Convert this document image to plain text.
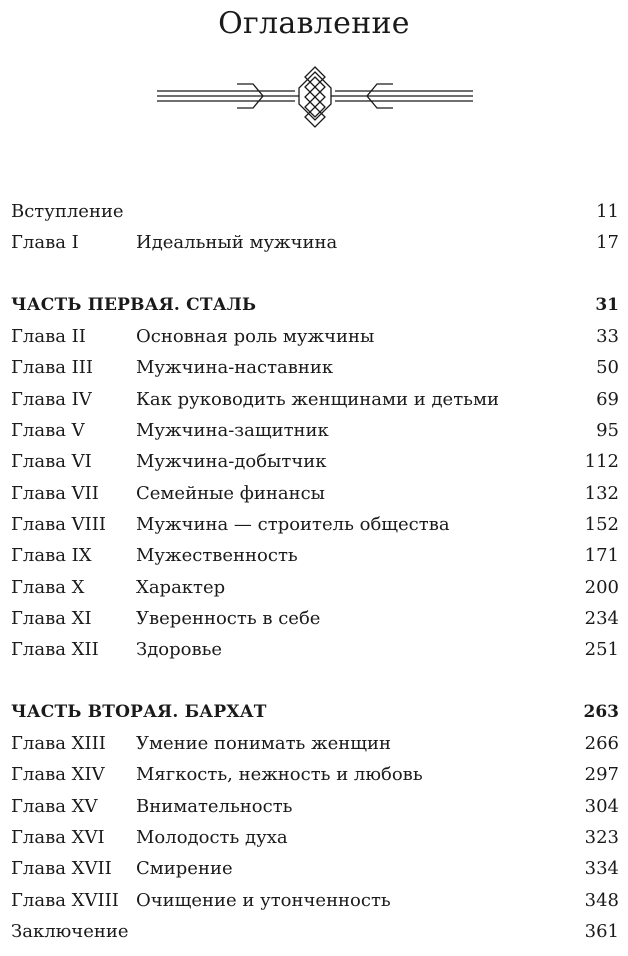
Оглавление
Вступление	11
Глава I	Идеальный мужчина	17
ЧАСТЬ ПЕРВАЯ. СТАЛЬ	31
Глава II	Основная роль мужчины	33
Глава III Мужчина-наставник	50
Глава IV Как руководить женщинами и детьми	69
Глава V	Мужчина-защитник	95
Глава VI Мужчина-добытчик	112
Глава VII Семейные финансы	132
Глава VIII Мужчина — строитель общества	152
Глава IX Мужественность	171
Глава X	Характер	200
Глава XI Уверенность в себе	234
Глава XII Здоровье	251
ЧАСТЬ ВТОРАЯ. БАРХАТ	263
Глава XIII Умение понимать женщин	266
Глава XIV Мягкость, нежность и любовь	297
Глава XV Внимательность	304
Глава XVI Молодость духа	323
Глава XVII Смирение	334
Глава XVIII Очищение и утонченность	348
Заключение	361
